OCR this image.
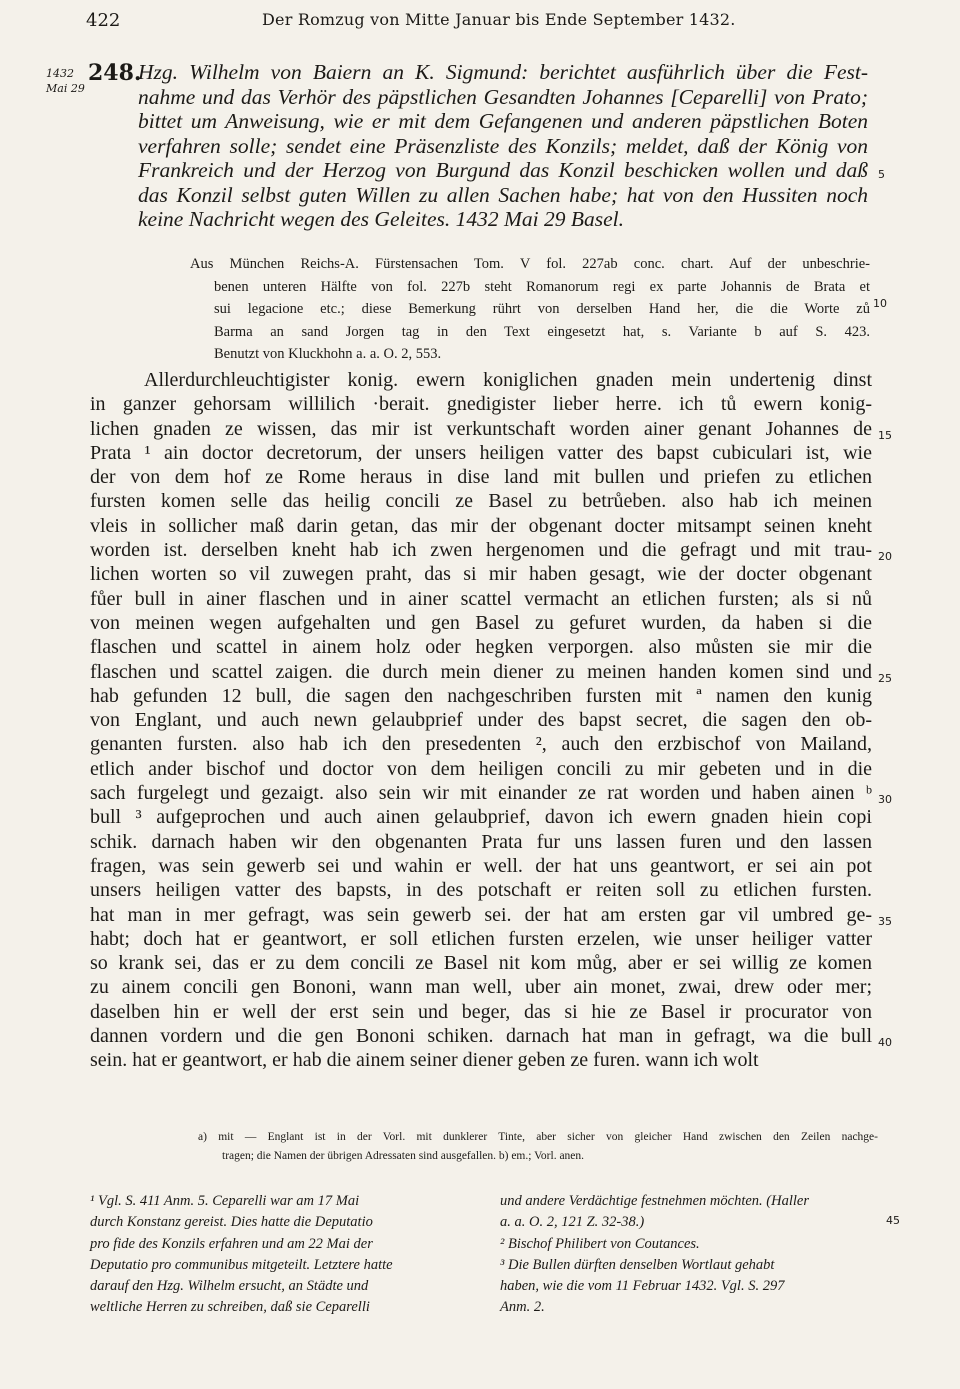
422	Der Romzug von Mitte Januar bis Ende September 1432.
1432
Mai 29
248.
Hzg. Wilhelm von Baiern an K. Sigmund: berichtet ausführlich über die Fest-
nahme und das Verhör des päpstlichen Gesandten Johannes [Ceparelli] von Prato;
bittet um Anweisung, wie er mit dem Gefangenen und anderen päpstlichen Boten
verfahren solle; sendet eine Präsenzliste des Konzils; meldet, daß der König von
Frankreich und der Herzog von Burgund das Konzil beschicken wollen und daß
das Konzil selbst guten Willen zu allen Sachen habe; hat von den Hussiten noch
keine Nachricht wegen des Geleites. 1432 Mai 29 Basel.
5
Aus München Reichs-A. Fürstensachen Tom. V fol. 227ab conc. chart. Auf der unbeschrie-
benen unteren Hälfte von fol. 227b steht Romanorum regi ex parte Johannis de Brata et
sui legacione etc.; diese Bemerkung rührt von derselben Hand her, die die Worte zů
Barma an sand Jorgen tag in den Text eingesetzt hat, s. Variante b auf S. 423.
Benutzt von Kluckhohn a. a. O. 2, 553.
10
Allerdurchleuchtigister konig. ewern koniglichen gnaden mein undertenig dinst
in ganzer gehorsam willilich ·berait. gnedigister lieber herre. ich tů ewern konig-
lichen gnaden ze wissen, das mir ist verkuntschaft worden ainer genant Johannes de 15
Prata ¹ ain doctor decretorum, der unsers heiligen vatter des bapst cubiculari ist, wie
der von dem hof ze Rome heraus in dise land mit bullen und priefen zu etlichen
fursten komen selle das heilig concili ze Basel zu betrůeben. also hab ich meinen
vleis in sollicher maß darin getan, das mir der obgenant docter mitsampt seinen kneht
worden ist. derselben kneht hab ich zwen hergenomen und die gefragt und mit trau- 20
lichen worten so vil zuwegen praht, das si mir haben gesagt, wie der docter obgenant
fůer bull in ainer flaschen und in ainer scattel vermacht an etlichen fursten; als si nů
von meinen wegen aufgehalten und gen Basel zu gefuret wurden, da haben si die
flaschen und scattel in ainem holz oder hegken verporgen. also můsten sie mir die
flaschen und scattel zaigen. die durch mein diener zu meinen handen komen sind und 25
hab gefunden 12 bull, die sagen den nachgeschriben fursten mit ª namen den kunig
von Englant, und auch newn gelaubprief under des bapst secret, die sagen den ob-
genanten fursten. also hab ich den presedenten ², auch den erzbischof von Mailand,
etlich ander bischof und doctor von dem heiligen concili zu mir gebeten und in die
sach furgelegt und gezaigt. also sein wir mit einander ze rat worden und haben ainen ᵇ 30
bull ³ aufgeprochen und auch ainen gelaubprief, davon ich ewern gnaden hiein copi
schik. darnach haben wir den obgenanten Prata fur uns lassen furen und den lassen
fragen, was sein gewerb sei und wahin er well. der hat uns geantwort, er sei ain pot
unsers heiligen vatter des bapsts, in des potschaft er reiten soll zu etlichen fursten.
hat man in mer gefragt, was sein gewerb sei. der hat am ersten gar vil umbred ge- 35
habt; doch hat er geantwort, er soll etlichen fursten erzelen, wie unser heiliger vatter
so krank sei, das er zu dem concili ze Basel nit kom můg, aber er sei willig ze komen
zu ainem concili gen Bononi, wann man well, uber ain monet, zwai, drew oder mer;
daselben hin er well der erst sein und beger, das si hie ze Basel ir procurator von
dannen vordern und die gen Bononi schiken. darnach hat man in gefragt, wa die bull 40
sein. hat er geantwort, er hab die ainem seiner diener geben ze furen. wann ich wolt
a) mit — Englant ist in der Vorl. mit dunklerer Tinte, aber sicher von gleicher Hand zwischen den Zeilen nachge-
tragen; die Namen der übrigen Adressaten sind ausgefallen. b) em.; Vorl. anen.
¹ Vgl. S. 411 Anm. 5. Ceparelli war am 17 Mai
durch Konstanz gereist. Dies hatte die Deputatio
pro fide des Konzils erfahren und am 22 Mai der
Deputatio pro communibus mitgeteilt. Letztere hatte
darauf den Hzg. Wilhelm ersucht, an Städte und
weltliche Herren zu schreiben, daß sie Ceparelli
und andere Verdächtige festnehmen möchten. (Haller
a. a. O. 2, 121 Z. 32-38.)
² Bischof Philibert von Coutances.
³ Die Bullen dürften denselben Wortlaut gehabt
haben, wie die vom 11 Februar 1432. Vgl. S. 297
Anm. 2.
45
